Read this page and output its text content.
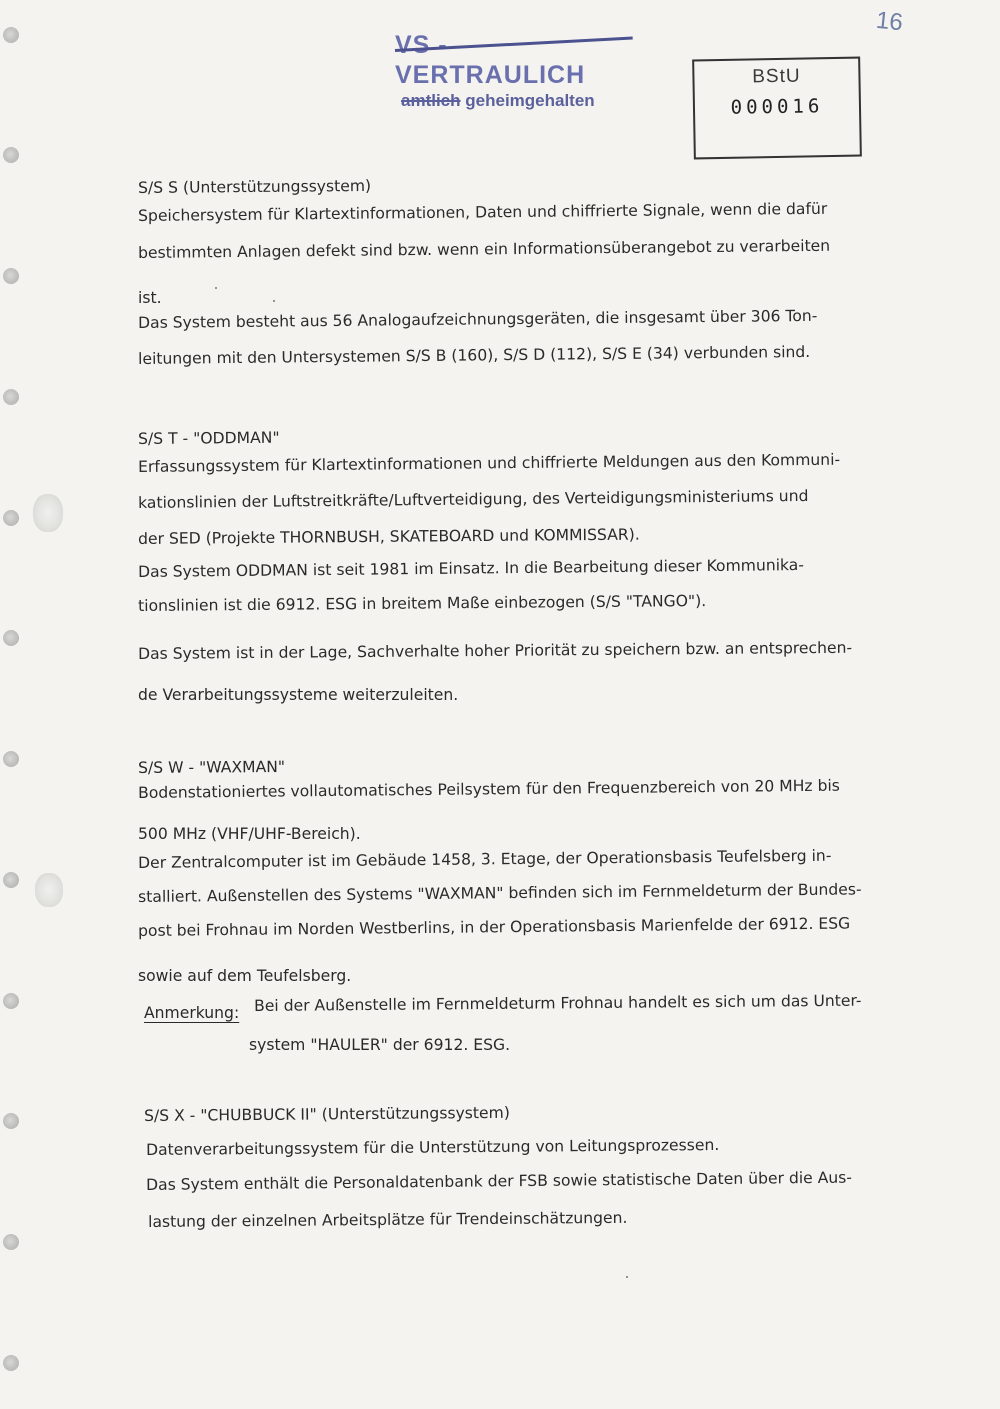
VS - VERTRAULICH
amtlich geheimgehalten
16
BStU
000016
S/S S (Unterstützungssystem)
Speichersystem für Klartextinformationen, Daten und chiffrierte Signale, wenn die dafür
bestimmten Anlagen defekt sind bzw. wenn ein Informationsüberangebot zu verarbeiten
ist.
Das System besteht aus 56 Analogaufzeichnungsgeräten, die insgesamt über 306 Ton-
leitungen mit den Untersystemen S/S B (160), S/S D (112), S/S E (34) verbunden sind.
S/S T - "ODDMAN"
Erfassungssystem für Klartextinformationen und chiffrierte Meldungen aus den Kommuni-
kationslinien der Luftstreitkräfte/Luftverteidigung, des Verteidigungsministeriums und
der SED (Projekte THORNBUSH, SKATEBOARD und KOMMISSAR).
Das System ODDMAN ist seit 1981 im Einsatz. In die Bearbeitung dieser Kommunika-
tionslinien ist die 6912. ESG in breitem Maße einbezogen (S/S "TANGO").
Das System ist in der Lage, Sachverhalte hoher Priorität zu speichern bzw. an entsprechen-
de Verarbeitungssysteme weiterzuleiten.
S/S W - "WAXMAN"
Bodenstationiertes vollautomatisches Peilsystem für den Frequenzbereich von 20 MHz bis
500 MHz (VHF/UHF-Bereich).
Der Zentralcomputer ist im Gebäude 1458, 3. Etage, der Operationsbasis Teufelsberg in-
stalliert. Außenstellen des Systems "WAXMAN" befinden sich im Fernmeldeturm der Bundes-
post bei Frohnau im Norden Westberlins, in der Operationsbasis Marienfelde der 6912. ESG
sowie auf dem Teufelsberg.
Anmerkung: Bei der Außenstelle im Fernmeldeturm Frohnau handelt es sich um das Unter-
system "HAULER" der 6912. ESG.
S/S X - "CHUBBUCK II" (Unterstützungssystem)
Datenverarbeitungssystem für die Unterstützung von Leitungsprozessen.
Das System enthält die Personaldatenbank der FSB sowie statistische Daten über die Aus-
lastung der einzelnen Arbeitsplätze für Trendeinschätzungen.
